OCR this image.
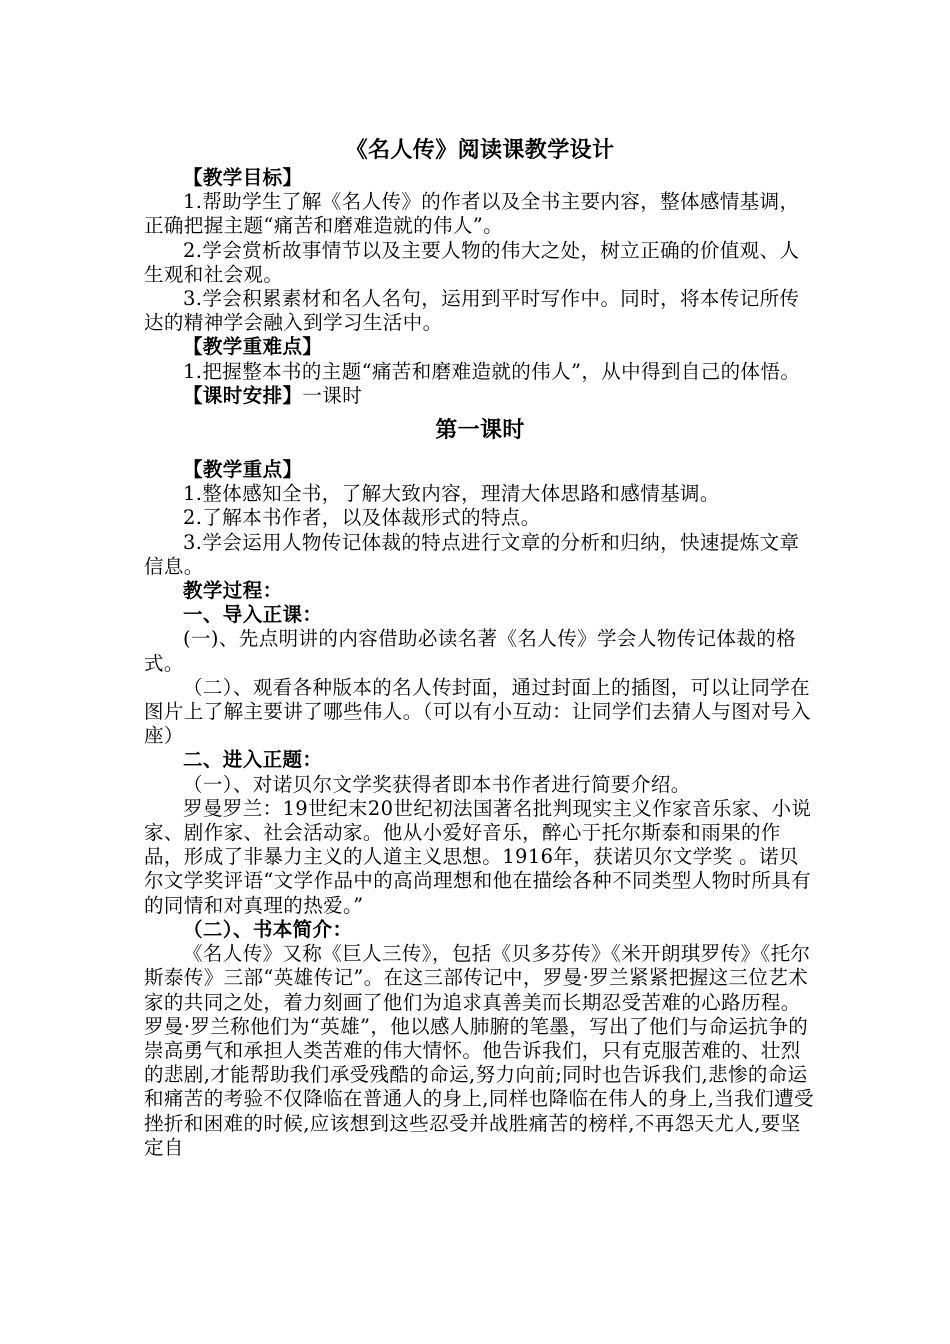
《名人传》阅读课教学设计

【教学目标】

1.帮助学生了解《名人传》的作者以及全书主要内容，整体感情基调，正确把握主题“痛苦和磨难造就的伟人”。

2.学会赏析故事情节以及主要人物的伟大之处，树立正确的价值观、人生观和社会观。

3.学会积累素材和名人名句，运用到平时写作中。同时，将本传记所传达的精神学会融入到学习生活中。

【教学重难点】

1.把握整本书的主题“痛苦和磨难造就的伟人”，从中得到自己的体悟。

【课时安排】一课时

第一课时

【教学重点】

1.整体感知全书，了解大致内容，理清大体思路和感情基调。

2.了解本书作者，以及体裁形式的特点。

3.学会运用人物传记体裁的特点进行文章的分析和归纳，快速提炼文章信息。

教学过程：

一、导入正课：

(一)、先点明讲的内容借助必读名著《名人传》学会人物传记体裁的格式。

（二）、观看各种版本的名人传封面，通过封面上的插图，可以让同学在图片上了解主要讲了哪些伟人。（可以有小互动：让同学们去猜人与图对号入座）

二、进入正题：

（一）、对诺贝尔文学奖获得者即本书作者进行简要介绍。

罗曼罗兰：19世纪末20世纪初法国著名批判现实主义作家音乐家、小说家、剧作家、社会活动家。他从小爱好音乐，醉心于托尔斯泰和雨果的作品，形成了非暴力主义的人道主义思想。1916年，获诺贝尔文学奖 。诺贝尔文学奖评语“文学作品中的高尚理想和他在描绘各种不同类型人物时所具有的同情和对真理的热爱。”

（二）、书本简介：

《名人传》又称《巨人三传》，包括《贝多芬传》《米开朗琪罗传》《托尔斯泰传》三部“英雄传记”。在这三部传记中，罗曼·罗兰紧紧把握这三位艺术家的共同之处，着力刻画了他们为追求真善美而长期忍受苦难的心路历程。罗曼·罗兰称他们为“英雄”，他以感人肺腑的笔墨，写出了他们与命运抗争的崇高勇气和承担人类苦难的伟大情怀。他告诉我们，只有克服苦难的、壮烈的悲剧,才能帮助我们承受残酷的命运,努力向前;同时也告诉我们,悲惨的命运和痛苦的考验不仅降临在普通人的身上,同样也降临在伟人的身上,当我们遭受挫折和困难的时候,应该想到这些忍受并战胜痛苦的榜样,不再怨天尤人,要坚定自
